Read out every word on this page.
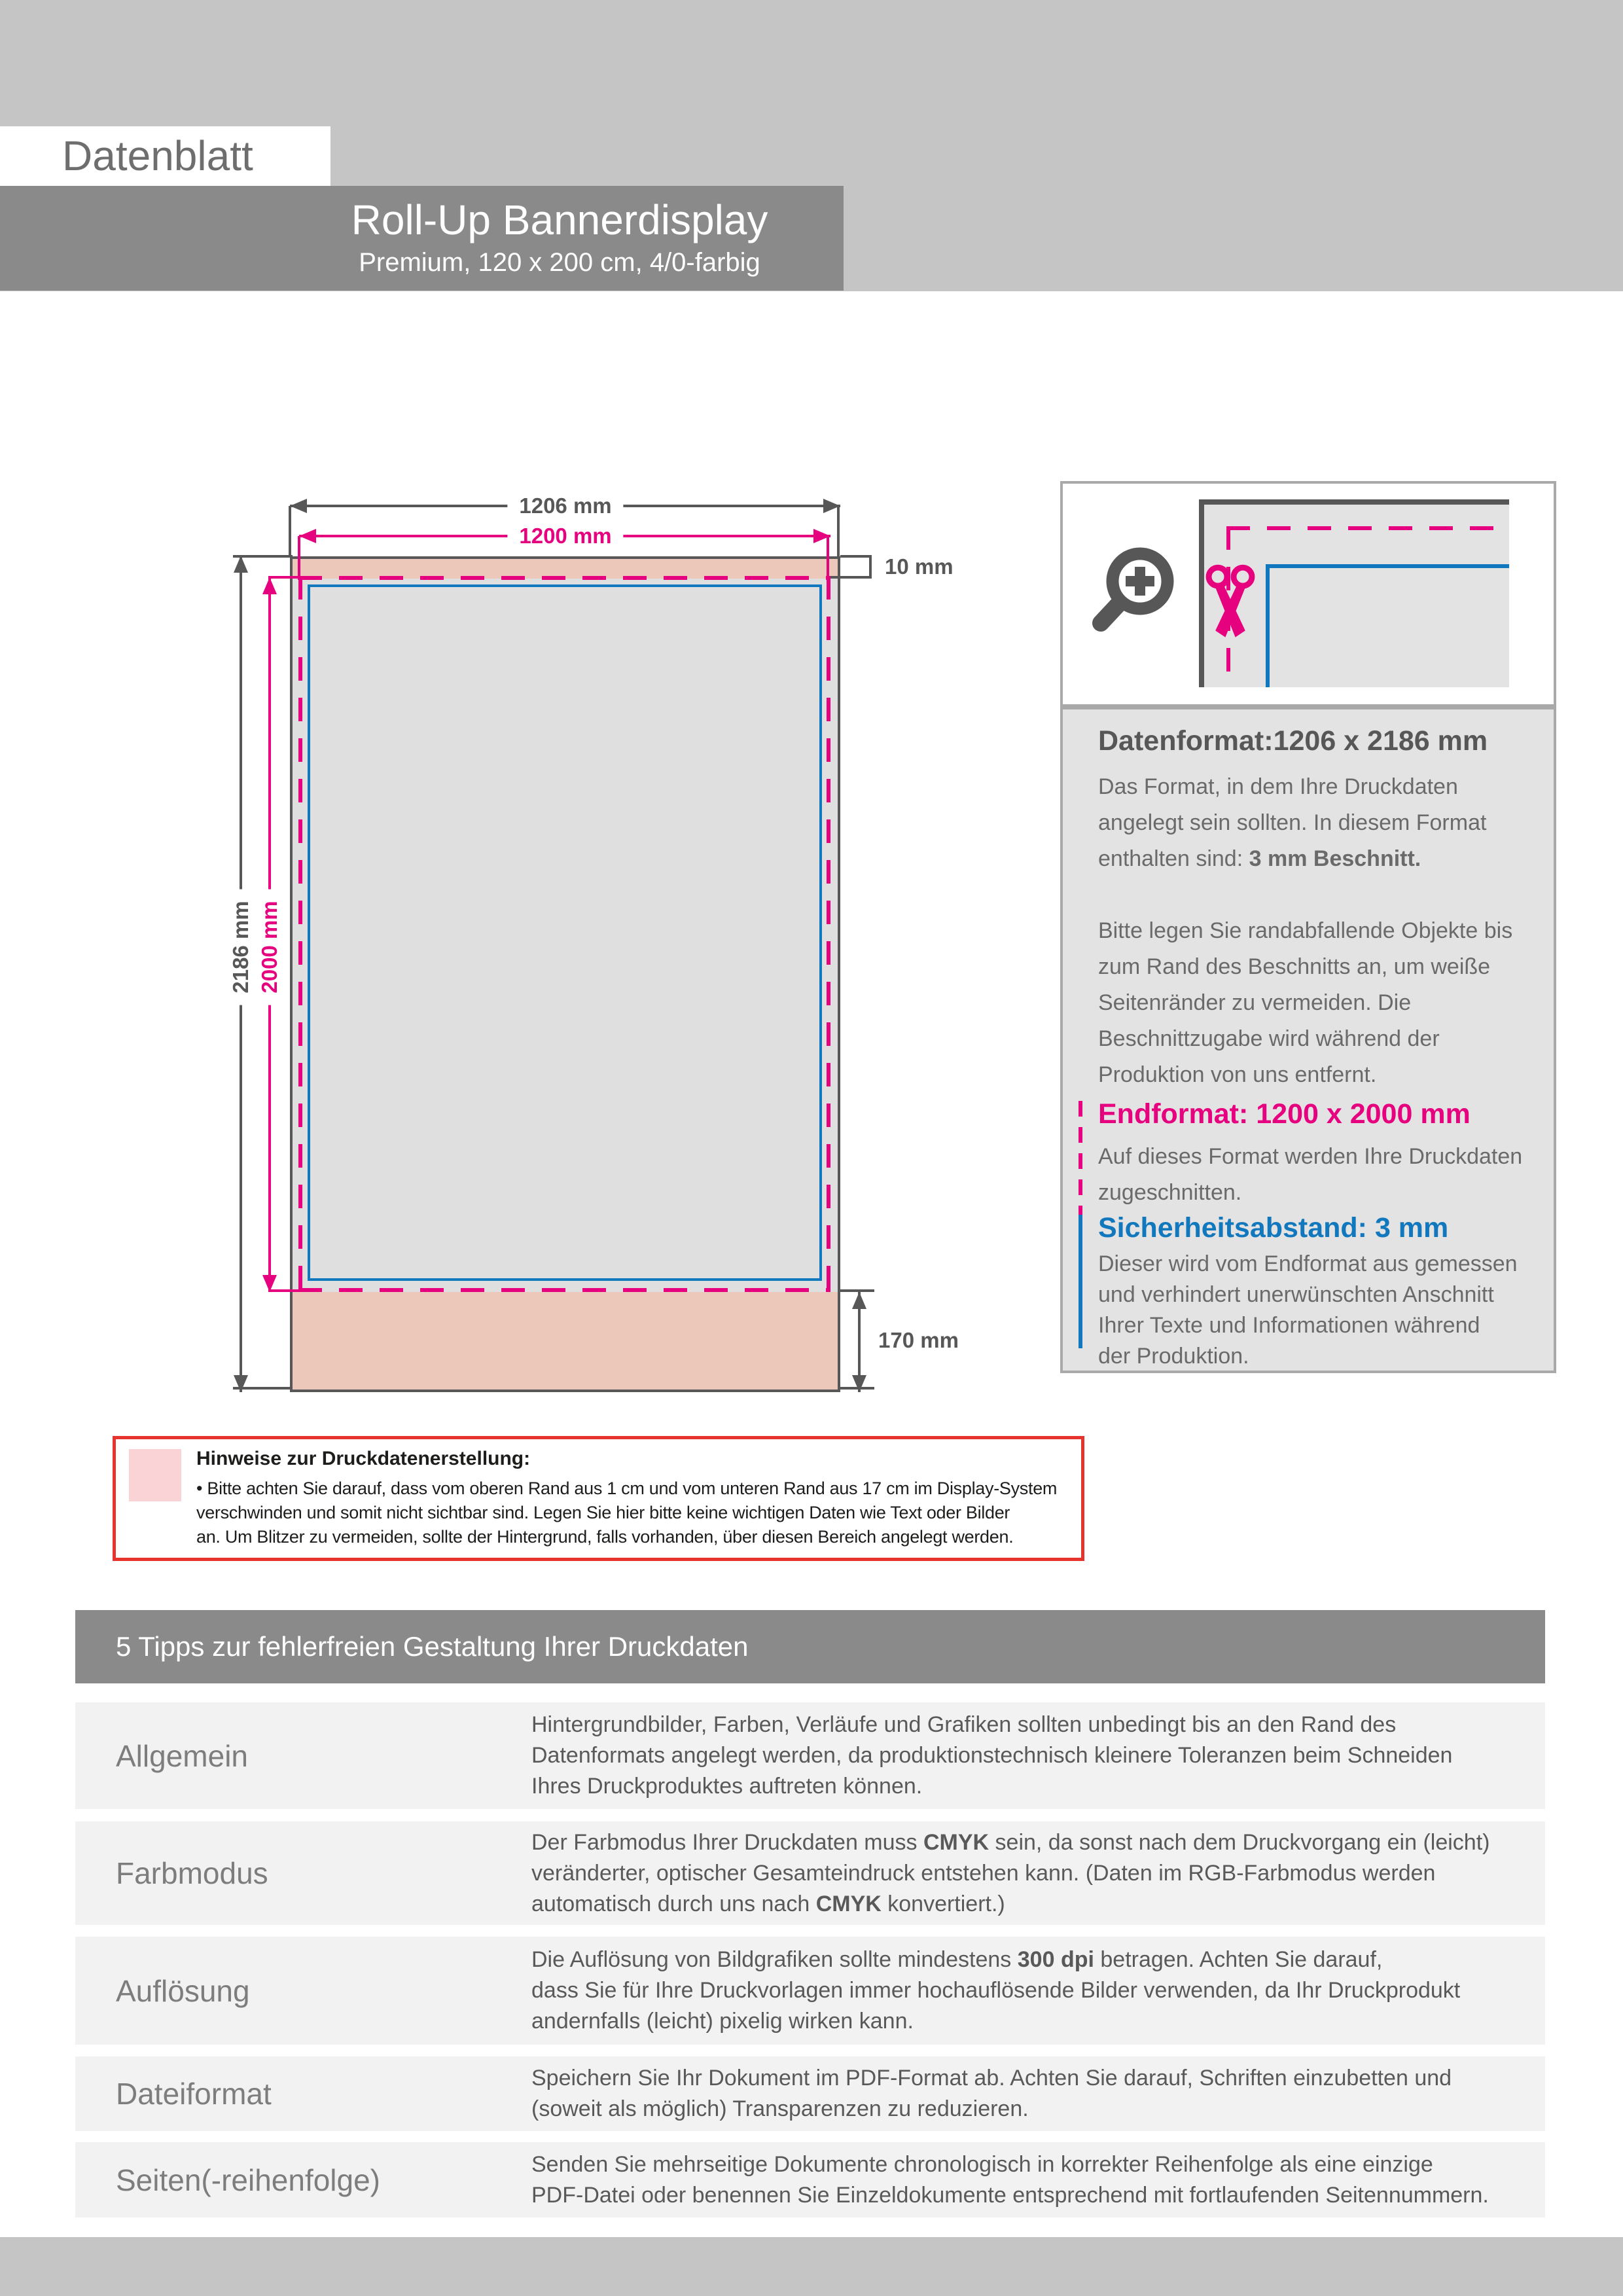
Datenblatt
Roll-Up Bannerdisplay
Premium, 120 x 200 cm, 4/0-farbig
1206 mm
1200 mm
2186 mm 2000 mm
10 mm
170 mm
Datenformat:1206 x 2186 mm
Das Format, in dem Ihre Druckdaten
angelegt sein sollten. In diesem Format
enthalten sind: 3 mm Beschnitt.
Bitte legen Sie randabfallende Objekte bis
zum Rand des Beschnitts an, um weiße
Seitenränder zu vermeiden. Die
Beschnittzugabe wird während der
Produktion von uns entfernt.
Endformat: 1200 x 2000 mm
Auf dieses Format werden Ihre Druckdaten
zugeschnitten.
Sicherheitsabstand: 3 mm
Dieser wird vom Endformat aus gemessen
und verhindert unerwünschten Anschnitt
Ihrer Texte und Informationen während
der Produktion.
Hinweise zur Druckdatenerstellung:
• Bitte achten Sie darauf, dass vom oberen Rand aus 1 cm und vom unteren Rand aus 17 cm im Display-System
verschwinden und somit nicht sichtbar sind. Legen Sie hier bitte keine wichtigen Daten wie Text oder Bilder
an. Um Blitzer zu vermeiden, sollte der Hintergrund, falls vorhanden, über diesen Bereich angelegt werden.
5 Tipps zur fehlerfreien Gestaltung Ihrer Druckdaten
Allgemein
Hintergrundbilder, Farben, Verläufe und Grafiken sollten unbedingt bis an den Rand des
Datenformats angelegt werden, da produktionstechnisch kleinere Toleranzen beim Schneiden
Ihres Druckproduktes auftreten können.
Farbmodus
Der Farbmodus Ihrer Druckdaten muss CMYK sein, da sonst nach dem Druckvorgang ein (leicht)
veränderter, optischer Gesamteindruck entstehen kann. (Daten im RGB-Farbmodus werden
automatisch durch uns nach CMYK konvertiert.)
Auflösung
Die Auflösung von Bildgrafiken sollte mindestens 300 dpi betragen. Achten Sie darauf,
dass Sie für Ihre Druckvorlagen immer hochauflösende Bilder verwenden, da Ihr Druckprodukt
andernfalls (leicht) pixelig wirken kann.
Dateiformat	Speichern Sie Ihr Dokument im PDF-Format ab. Achten Sie darauf, Schriften einzubetten und
(soweit als möglich) Transparenzen zu reduzieren.
Seiten(-reihenfolge)	Senden Sie mehrseitige Dokumente chronologisch in korrekter Reihenfolge als eine einzige
PDF-Datei oder benennen Sie Einzeldokumente entsprechend mit fortlaufenden Seitennummern.
